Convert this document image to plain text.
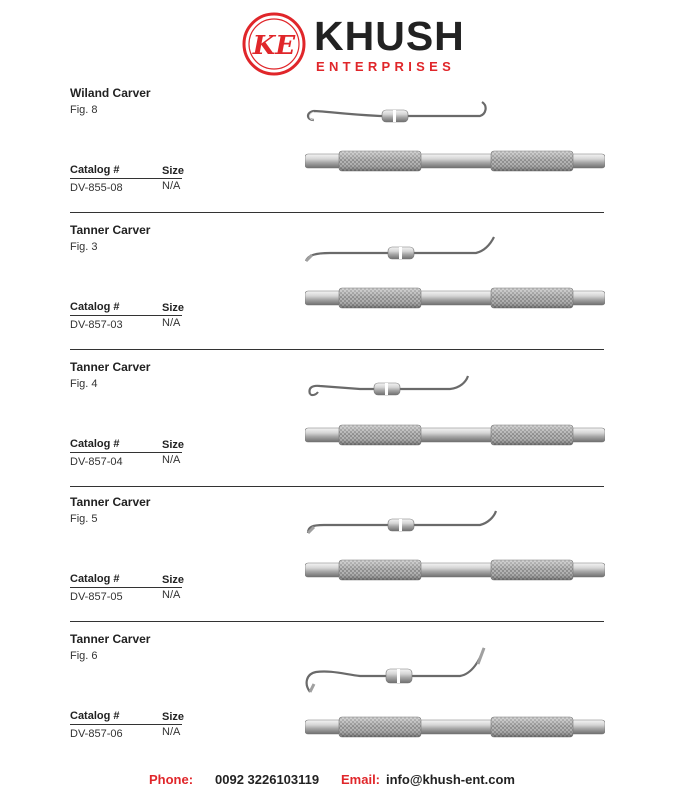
KE KHUSH
ENTERPRISES
Wiland Carver
Fig. 8
Catalog #	Size
DV-855-08	N/A
Tanner Carver
Fig. 3
Catalog #	Size
DV-857-03	N/A
Tanner Carver
Fig. 4
Catalog #	Size
DV-857-04	N/A
Tanner Carver
Fig. 5
Catalog #	Size
DV-857-05	N/A
Tanner Carver
Fig. 6
Catalog #	Size
DV-857-06	N/A
Phone: 0092 3226103119 Email: info@khush-ent.com
